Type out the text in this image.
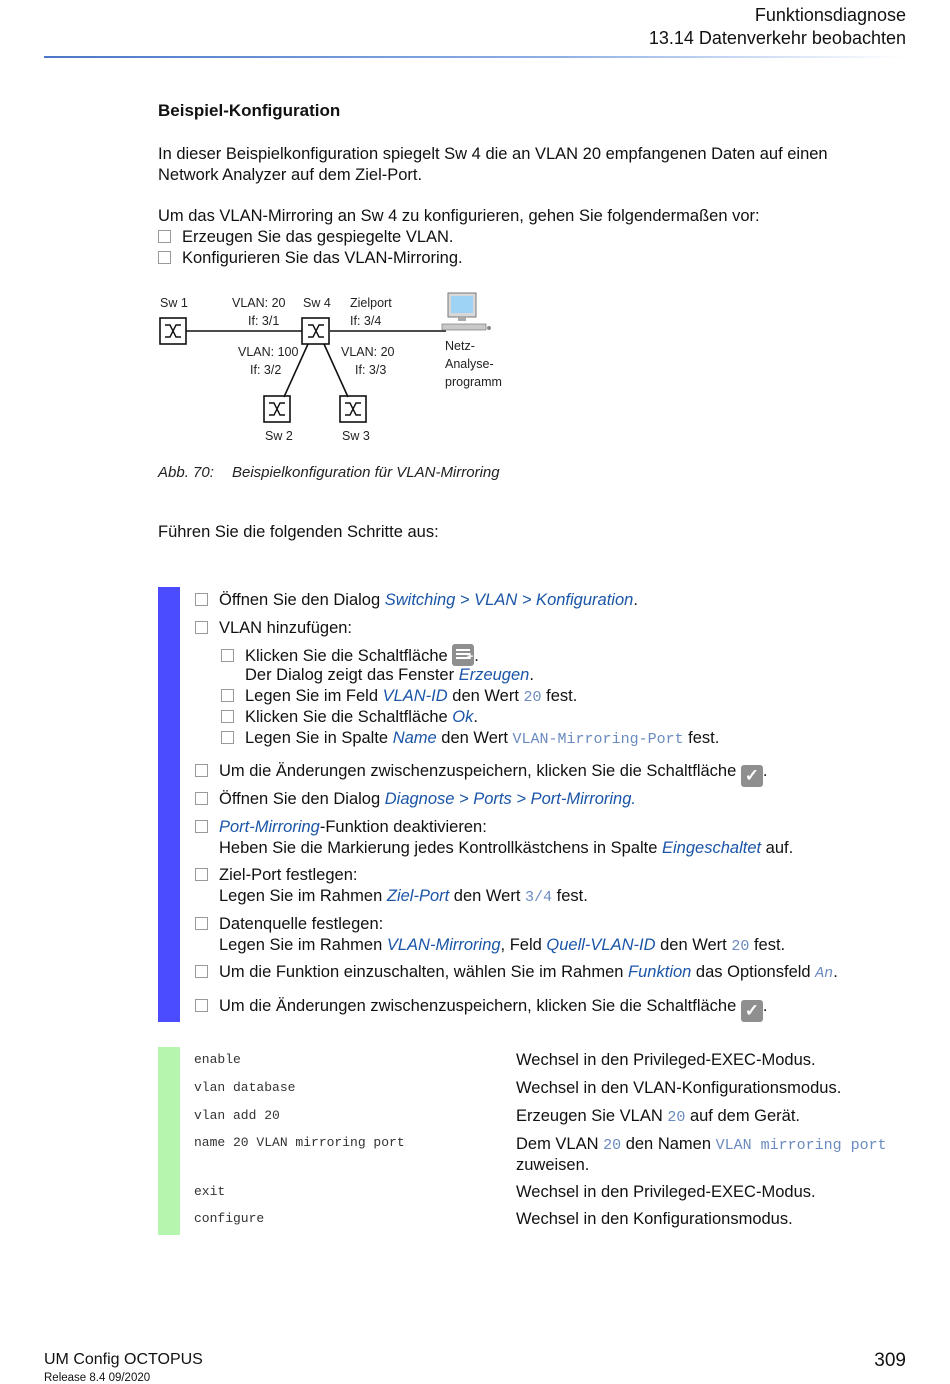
Funktionsdiagnose
13.14 Datenverkehr beobachten
Beispiel-Konfiguration
In dieser Beispielkonfiguration spiegelt Sw 4 die an VLAN 20 empfangenen Daten auf einen
Network Analyzer auf dem Ziel-Port.
Um das VLAN-Mirroring an Sw 4 zu konfigurieren, gehen Sie folgendermaßen vor:
Erzeugen Sie das gespiegelte VLAN.
Konfigurieren Sie das VLAN-Mirroring.
Sw 1	VLAN: 20
If: 3/1
Sw 4 Zielport
If: 3/4
VLAN: 100
If: 3/2
VLAN: 20
If: 3/3
Netz-
Analyse-
programm
Sw 2	Sw 3
Abb. 70: Beispielkonfiguration für VLAN-Mirroring
Führen Sie die folgenden Schritte aus:
Öffnen Sie den Dialog Switching > VLAN > Konfiguration.
VLAN hinzufügen:
Klicken Sie die Schaltfläche +.
Der Dialog zeigt das Fenster Erzeugen.
Legen Sie im Feld VLAN-ID den Wert 20 fest.
Klicken Sie die Schaltfläche Ok.
Legen Sie in Spalte Name den Wert VLAN-Mirroring-Port fest.
Um die Änderungen zwischenzuspeichern, klicken Sie die Schaltfläche ✓ .
Öffnen Sie den Dialog Diagnose > Ports > Port-Mirroring.
Port-Mirroring-Funktion deaktivieren:
Heben Sie die Markierung jedes Kontrollkästchens in Spalte Eingeschaltet auf.
Ziel-Port festlegen:
Legen Sie im Rahmen Ziel-Port den Wert 3/4 fest.
Datenquelle festlegen:
Legen Sie im Rahmen VLAN-Mirroring, Feld Quell-VLAN-ID den Wert 20 fest.
Um die Funktion einzuschalten, wählen Sie im Rahmen Funktion das Optionsfeld An.
Um die Änderungen zwischenzuspeichern, klicken Sie die Schaltfläche ✓ .
enable	Wechsel in den Privileged-EXEC-Modus.
vlan database	Wechsel in den VLAN-Konfigurationsmodus.
vlan add 20	Erzeugen Sie VLAN 20 auf dem Gerät.
name 20 VLAN mirroring port	Dem VLAN 20 den Namen VLAN mirroring port
zuweisen.
exit	Wechsel in den Privileged-EXEC-Modus.
configure	Wechsel in den Konfigurationsmodus.
UM Config OCTOPUS
Release 8.4 09/2020
309
